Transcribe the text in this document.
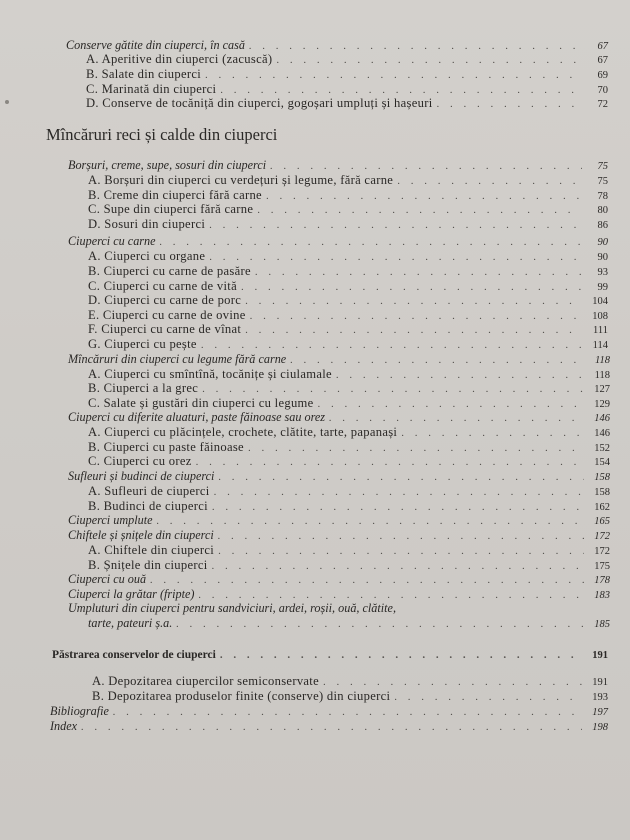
Conserve gătite din ciuperci, în casă . . .	67
A. Aperitive din ciuperci (zacuscă) . . .	67
B. Salate din ciuperci . . .	69
C. Marinată din ciuperci . . .	70
D. Conserve de tocăniță din ciuperci, gogoșari umpluți și hașeuri . . .	72
Mîncăruri reci și calde din ciuperci
Borșuri, creme, supe, sosuri din ciuperci . . .	75
A. Borșuri din ciuperci cu verdețuri și legume, fără carne . . .	75
B. Creme din ciuperci fără carne . . .	78
C. Supe din ciuperci fără carne . . .	80
D. Sosuri din ciuperci . . .	86
Ciuperci cu carne . . .	90
A. Ciuperci cu organe . . .	90
B. Ciuperci cu carne de pasăre . . .	93
C. Ciuperci cu carne de vită . . .	99
D. Ciuperci cu carne de porc . . .	104
E. Ciuperci cu carne de ovine . . .	108
F. Ciuperci cu carne de vînat . . .	111
G. Ciuperci cu pește . . .	114
Mîncăruri din ciuperci cu legume fără carne . . .	118
A. Ciuperci cu smîntînă, tocănițe și ciulamale . . .	118
B. Ciuperci a la grec . . .	127
C. Salate și gustări din ciuperci cu legume . . .	129
Ciuperci cu diferite aluaturi, paste făinoase sau orez . . .	146
A. Ciuperci cu plăcințele, crochete, clătite, tarte, papanași . . .	146
B. Ciuperci cu paste făinoase . . .	152
C. Ciuperci cu orez . . .	154
Sufleuri și budinci de ciuperci . . .	158
A. Sufleuri de ciuperci . . .	158
B. Budinci de ciuperci . . .	162
Ciuperci umplute . . .	165
Chiftele și șnițele din ciuperci . . .	172
A. Chiftele din ciuperci . . .	172
B. Șnițele din ciuperci . . .	175
Ciuperci cu ouă . . .	178
Ciuperci la grătar (fripte) . . .	183
Umpluturi din ciuperci pentru sandviciuri, ardei, roșii, ouă, clătite,
tarte, pateuri ș.a. . . .	185
Păstrarea conservelor de ciuperci . . .	191
A. Depozitarea ciupercilor semiconservate . . .	191
B. Depozitarea produselor finite (conserve) din ciuperci . . .	193
Bibliografie . . .	197
Index . . .	198
